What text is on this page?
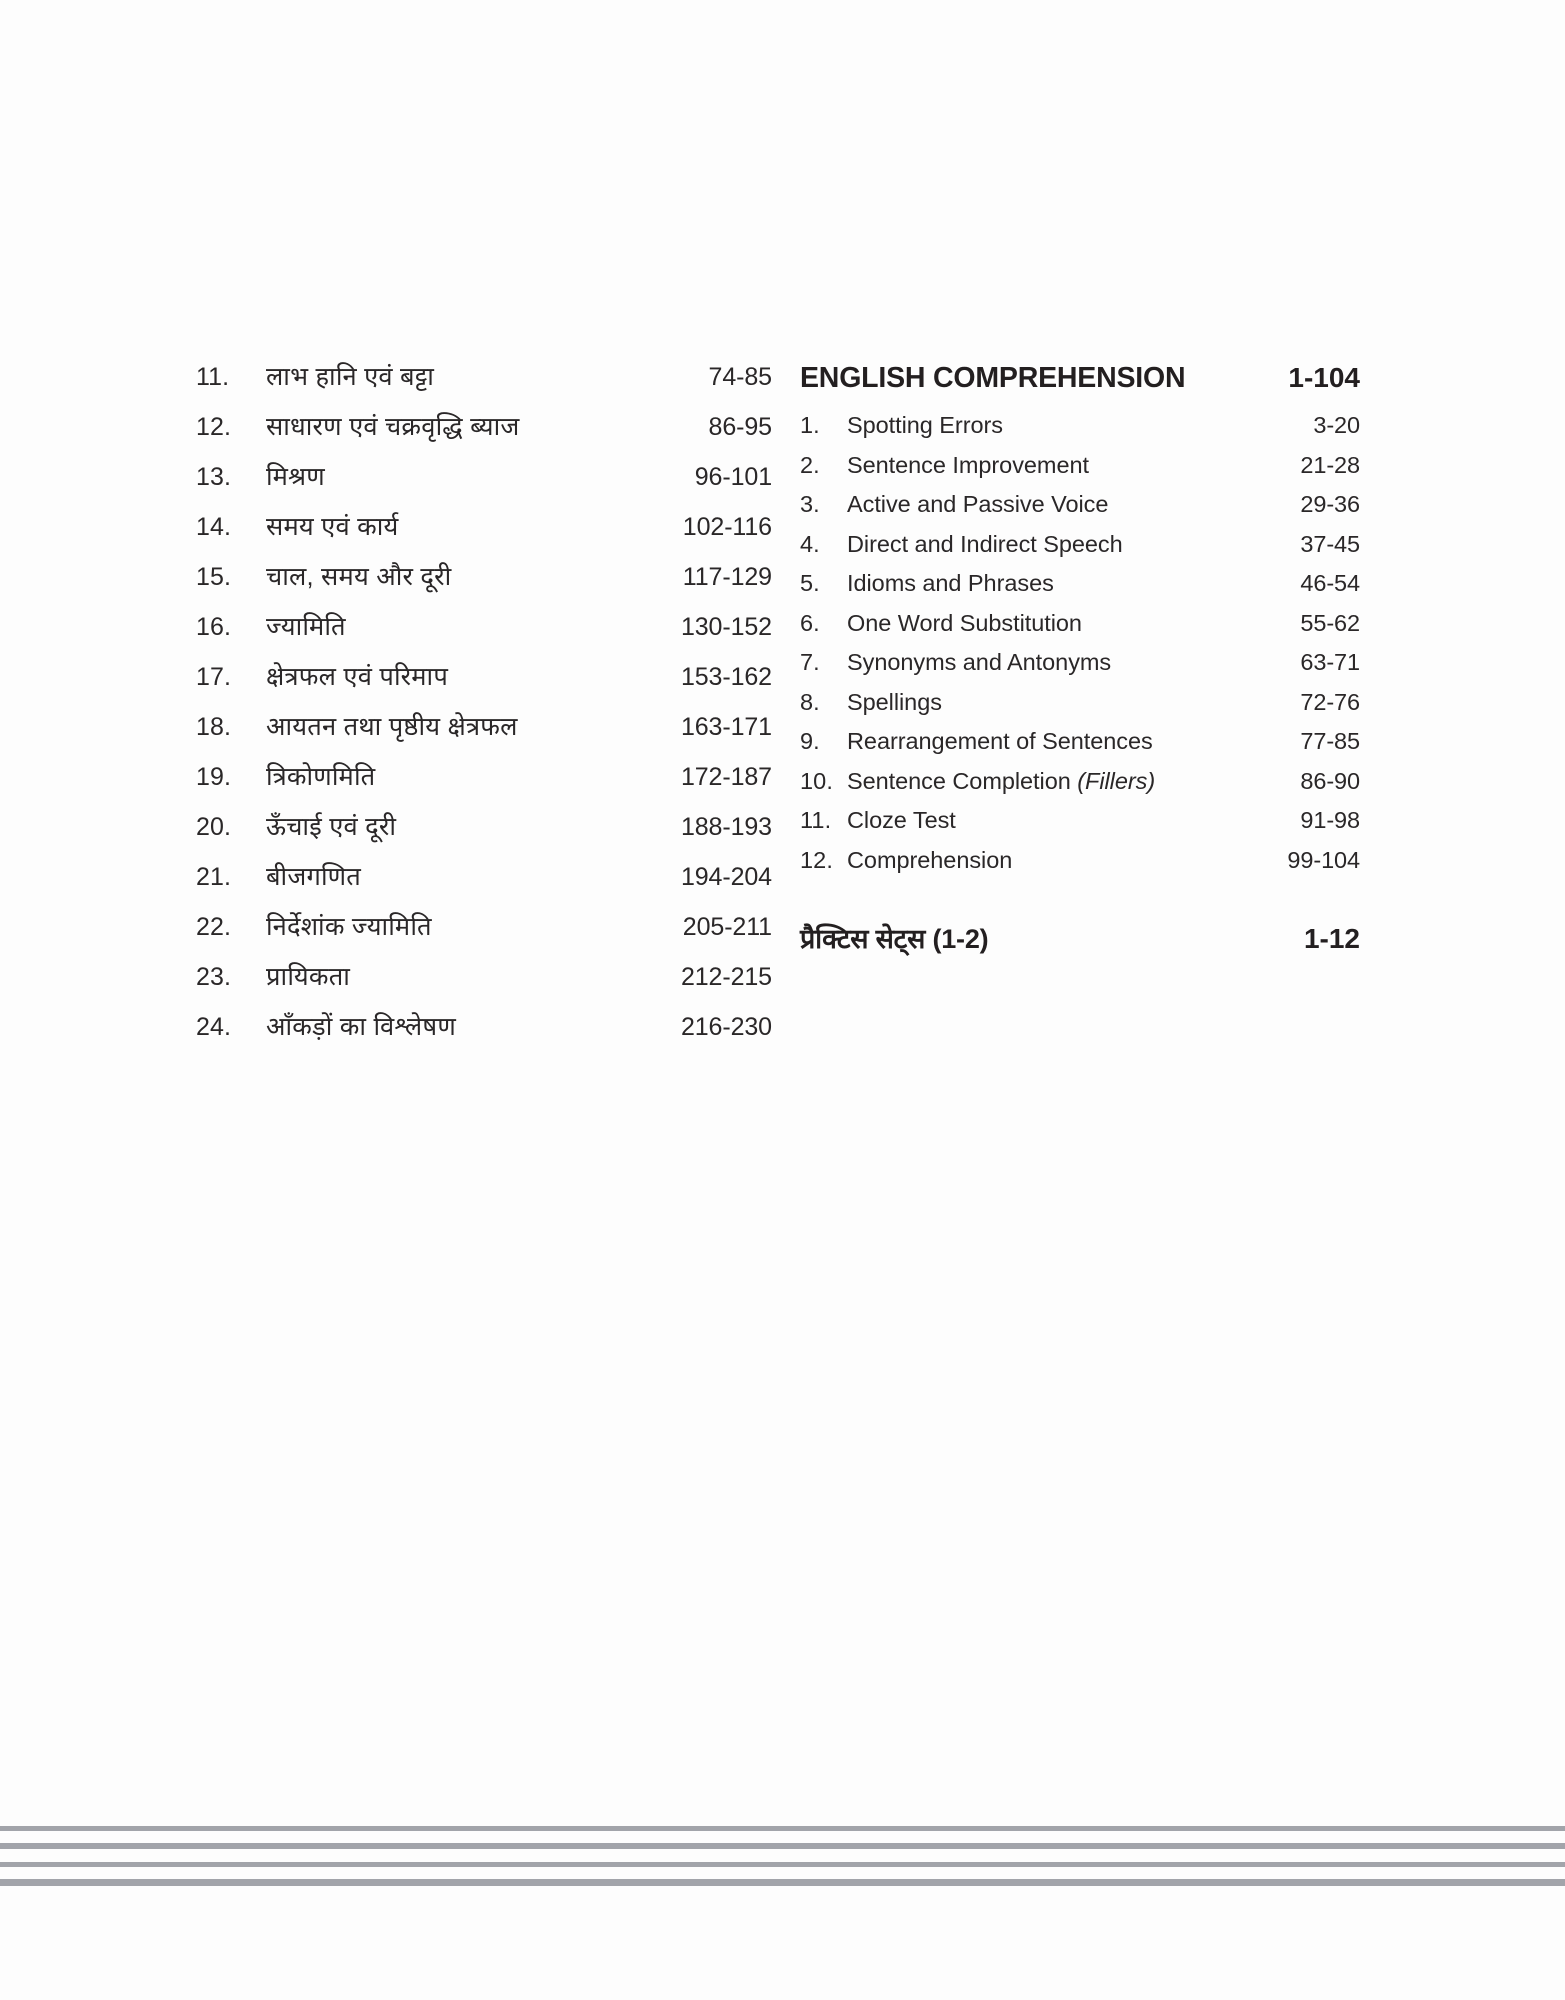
11.	लाभ हानि एवं बट्टा	74-85
12.	साधारण एवं चक्रवृद्धि ब्याज	86-95
13.	मिश्रण	96-101
14.	समय एवं कार्य	102-116
15.	चाल, समय और दूरी	117-129
16.	ज्यामिति	130-152
17.	क्षेत्रफल एवं परिमाप	153-162
18.	आयतन तथा पृष्ठीय क्षेत्रफल	163-171
19.	त्रिकोणमिति	172-187
20.	ऊँचाई एवं दूरी	188-193
21.	बीजगणित	194-204
22.	निर्देशांक ज्यामिति	205-211
23.	प्रायिकता	212-215
24.	आँकड़ों का विश्लेषण	216-230
ENGLISH COMPREHENSION	1-104
1.	Spotting Errors	3-20
2.	Sentence Improvement	21-28
3.	Active and Passive Voice	29-36
4.	Direct and Indirect Speech	37-45
5.	Idioms and Phrases	46-54
6.	One Word Substitution	55-62
7.	Synonyms and Antonyms	63-71
8.	Spellings	72-76
9.	Rearrangement of Sentences	77-85
10. Sentence Completion (Fillers)	86-90
11. Cloze Test	91-98
12. Comprehension	99-104
प्रैक्टिस सेट्स (1-2)	1-12
